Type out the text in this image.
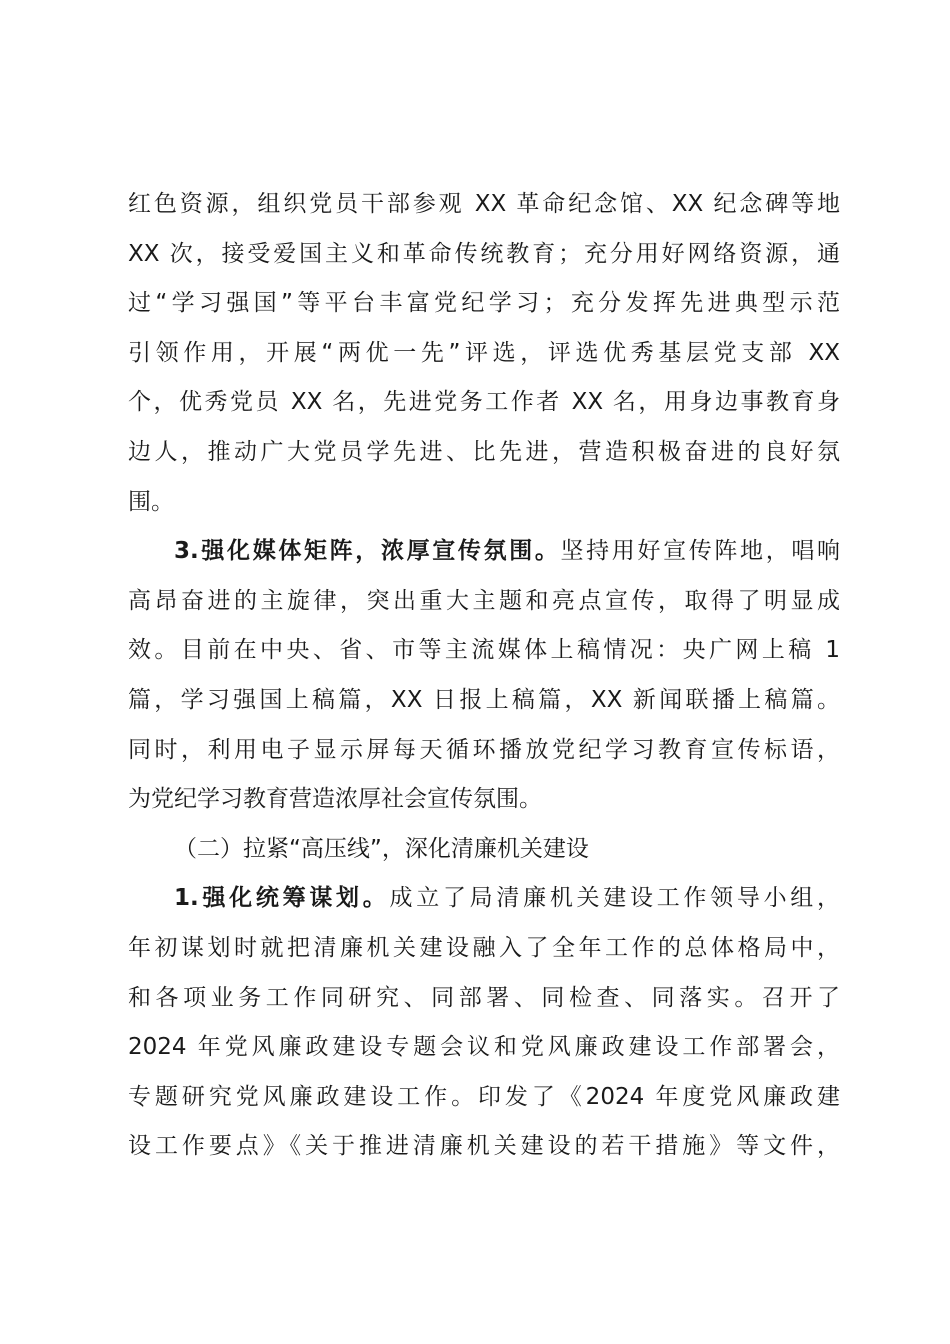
红色资源，组织党员干部参观 XX 革命纪念馆、XX 纪念碑等地
XX 次，接受爱国主义和革命传统教育；充分用好网络资源，通
过“学习强国”等平台丰富党纪学习；充分发挥先进典型示范
引领作用，开展“两优一先”评选，评选优秀基层党支部 XX
个，优秀党员 XX 名，先进党务工作者 XX 名，用身边事教育身
边人，推动广大党员学先进、比先进，营造积极奋进的良好氛
围。
3.强化媒体矩阵，浓厚宣传氛围。坚持用好宣传阵地，唱响
高昂奋进的主旋律，突出重大主题和亮点宣传，取得了明显成
效。目前在中央、省、市等主流媒体上稿情况：央广网上稿 1
篇，学习强国上稿篇，XX 日报上稿篇，XX 新闻联播上稿篇。
同时，利用电子显示屏每天循环播放党纪学习教育宣传标语，
为党纪学习教育营造浓厚社会宣传氛围。
（二）拉紧“高压线”，深化清廉机关建设
1.强化统筹谋划。成立了局清廉机关建设工作领导小组，
年初谋划时就把清廉机关建设融入了全年工作的总体格局中，
和各项业务工作同研究、同部署、同检查、同落实。召开了
2024 年党风廉政建设专题会议和党风廉政建设工作部署会，
专题研究党风廉政建设工作。印发了《2024 年度党风廉政建
设工作要点》《关于推进清廉机关建设的若干措施》等文件，
